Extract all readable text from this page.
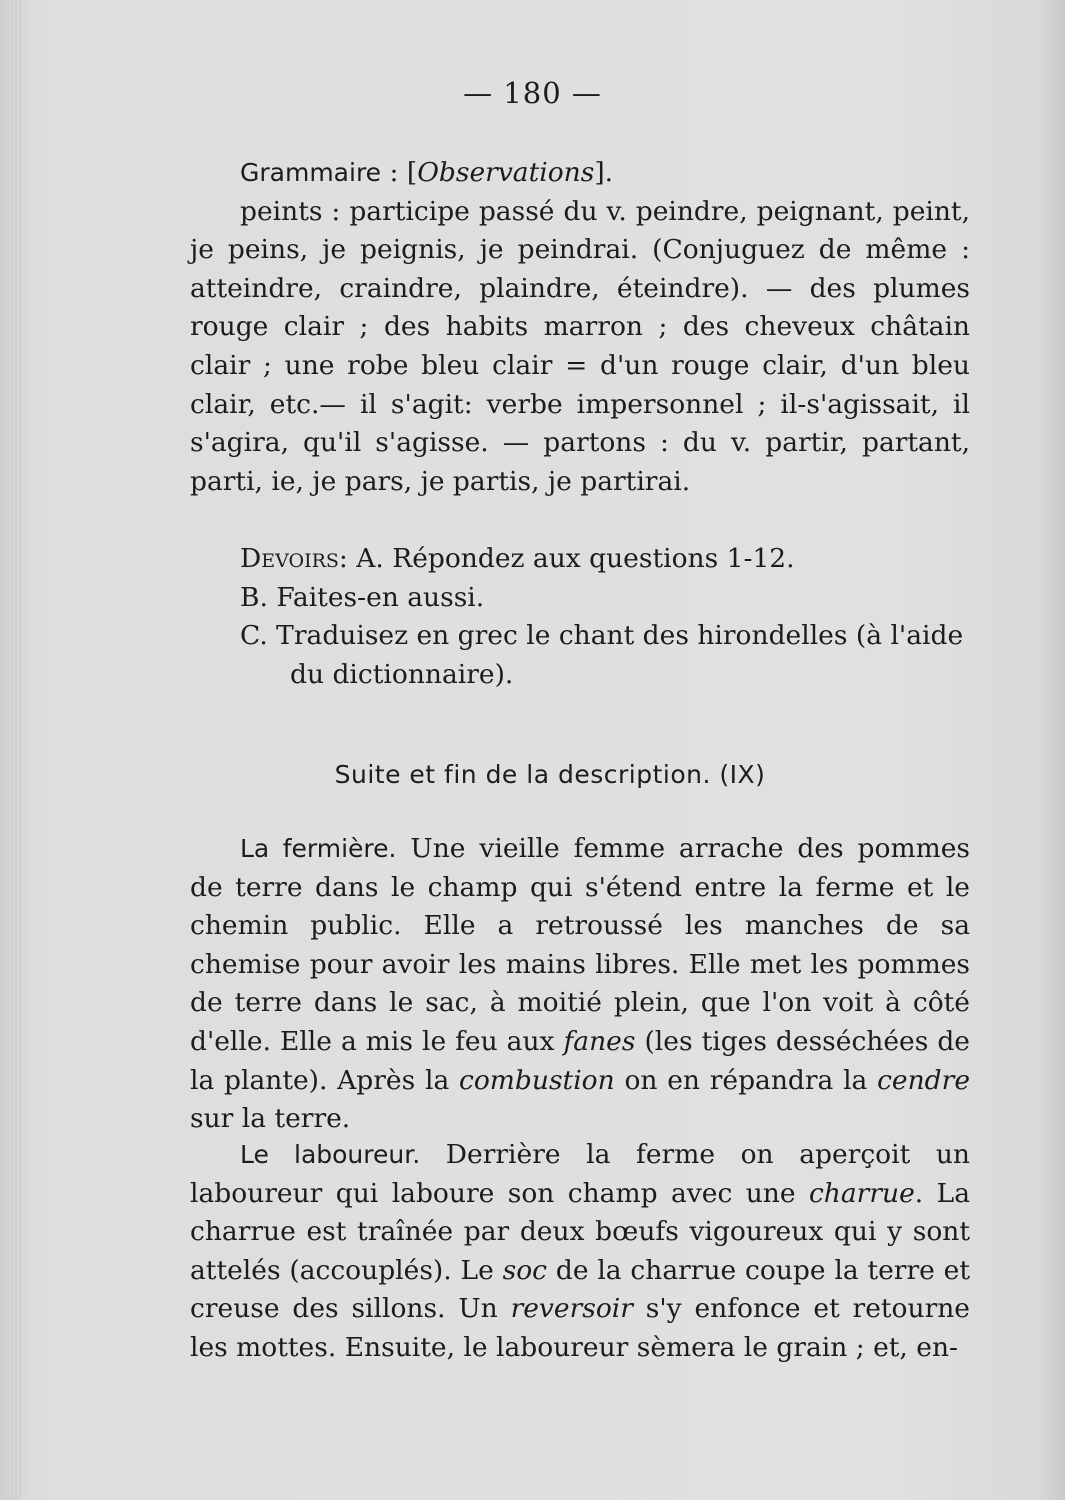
— 180 —

Grammaire : [Observations].

peints : participe passé du v. peindre, peignant, peint, je peins, je peignis, je peindrai. (Conjuguez de même : atteindre, craindre, plaindre, éteindre). — des plumes rouge clair ; des habits marron ; des cheveux châtain clair ; une robe bleu clair = d'un rouge clair, d'un bleu clair, etc.— il s'agit: verbe impersonnel ; il-s'agissait, il s'agira, qu'il s'agisse. — partons : du v. partir, partant, parti, ie, je pars, je partis, je partirai.

Devoirs: A. Répondez aux questions 1-12.
B. Faites-en aussi.
C. Traduisez en grec le chant des hirondelles (à l'aide
du dictionnaire).
Suite et fin de la description. (IX)

La fermière. Une vieille femme arrache des pommes de terre dans le champ qui s'étend entre la ferme et le chemin public. Elle a retroussé les manches de sa chemise pour avoir les mains libres. Elle met les pommes de terre dans le sac, à moitié plein, que l'on voit à côté d'elle. Elle a mis le feu aux fanes (les tiges desséchées de la plante). Après la combustion on en répandra la cendre sur la terre.

Le laboureur. Derrière la ferme on aperçoit un laboureur qui laboure son champ avec une charrue. La charrue est traînée par deux bœufs vigoureux qui y sont attelés (accouplés). Le soc de la charrue coupe la terre et creuse des sillons. Un reversoir s'y enfonce et retourne les mottes. Ensuite, le laboureur sèmera le grain ; et, en-
